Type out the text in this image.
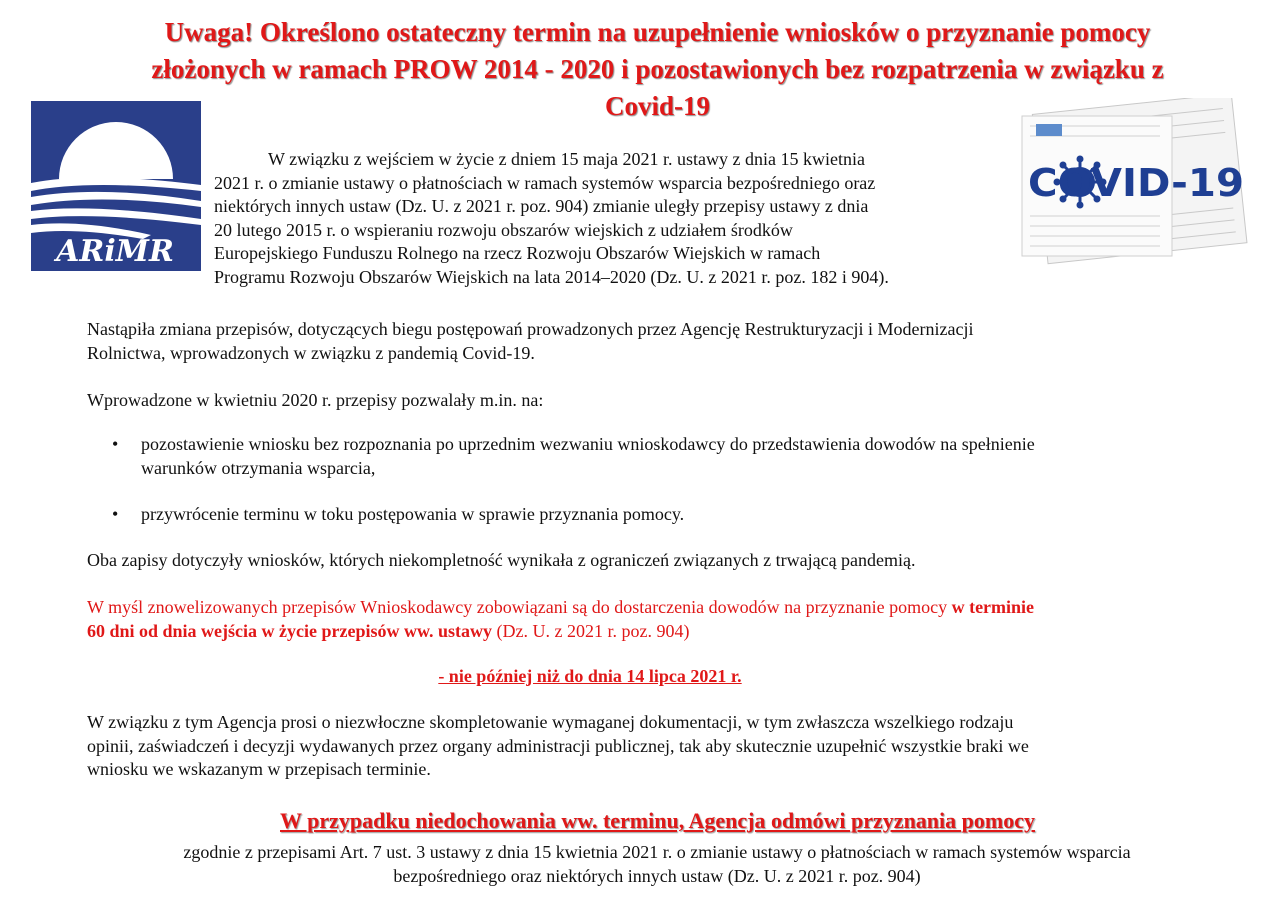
Uwaga! Określono ostateczny termin na uzupełnienie wniosków o przyznanie pomocy
złożonych w ramach PROW 2014 - 2020 i pozostawionych bez rozpatrzenia w związku z
Covid-19
ARiMR
COVID-19
W związku z wejściem w życie z dniem 15 maja 2021 r. ustawy z dnia 15 kwietnia
2021 r. o zmianie ustawy o płatnościach w ramach systemów wsparcia bezpośredniego oraz
niektórych innych ustaw (Dz. U. z 2021 r. poz. 904) zmianie uległy przepisy ustawy z dnia
20 lutego 2015 r. o wspieraniu rozwoju obszarów wiejskich z udziałem środków
Europejskiego Funduszu Rolnego na rzecz Rozwoju Obszarów Wiejskich w ramach
Programu Rozwoju Obszarów Wiejskich na lata 2014–2020 (Dz. U. z 2021 r. poz. 182 i 904).

Nastąpiła zmiana przepisów, dotyczących biegu postępowań prowadzonych przez Agencję Restrukturyzacji i Modernizacji
Rolnictwa, wprowadzonych w związku z pandemią Covid-19.

Wprowadzone w kwietniu 2020 r. przepisy pozwalały m.in. na:

• pozostawienie wniosku bez rozpoznania po uprzednim wezwaniu wnioskodawcy do przedstawienia dowodów na spełnienie
warunków otrzymania wsparcia,
• przywrócenie terminu w toku postępowania w sprawie przyznania pomocy.

Oba zapisy dotyczyły wniosków, których niekompletność wynikała z ograniczeń związanych z trwającą pandemią.

W myśl znowelizowanych przepisów Wnioskodawcy zobowiązani są do dostarczenia dowodów na przyznanie pomocy w terminie
60 dni od dnia wejścia w życie przepisów ww. ustawy (Dz. U. z 2021 r. poz. 904)

- nie później niż do dnia 14 lipca 2021 r.

W związku z tym Agencja prosi o niezwłoczne skompletowanie wymaganej dokumentacji, w tym zwłaszcza wszelkiego rodzaju
opinii, zaświadczeń i decyzji wydawanych przez organy administracji publicznej, tak aby skutecznie uzupełnić wszystkie braki we
wniosku we wskazanym w przepisach terminie.

W przypadku niedochowania ww. terminu, Agencja odmówi przyznania pomocy

zgodnie z przepisami Art. 7 ust. 3 ustawy z dnia 15 kwietnia 2021 r. o zmianie ustawy o płatnościach w ramach systemów wsparcia
bezpośredniego oraz niektórych innych ustaw (Dz. U. z 2021 r. poz. 904)
